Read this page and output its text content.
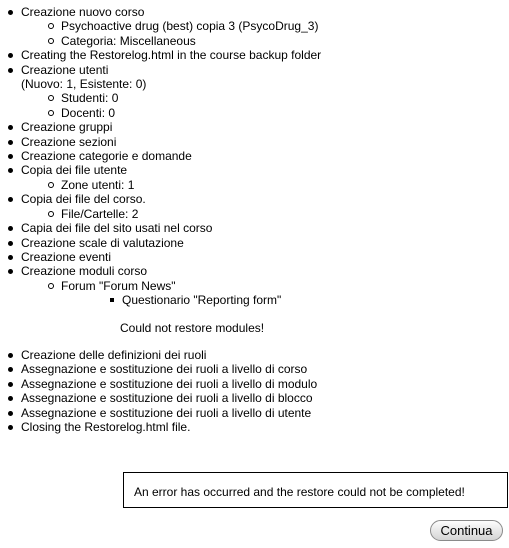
Creazione nuovo corso
Psychoactive drug (best) copia 3 (PsycoDrug_3)
Categoria: Miscellaneous
Creating the Restorelog.html in the course backup folder
Creazione utenti
(Nuovo: 1, Esistente: 0)
Studenti: 0
Docenti: 0
Creazione gruppi
Creazione sezioni
Creazione categorie e domande
Copia dei file utente
Zone utenti: 1
Copia dei file del corso.
File/Cartelle: 2
Capia dei file del sito usati nel corso
Creazione scale di valutazione
Creazione eventi
Creazione moduli corso
Forum "Forum News"
Questionario "Reporting form"
Could not restore modules!
Creazione delle definizioni dei ruoli
Assegnazione e sostituzione dei ruoli a livello di corso
Assegnazione e sostituzione dei ruoli a livello di modulo
Assegnazione e sostituzione dei ruoli a livello di blocco
Assegnazione e sostituzione dei ruoli a livello di utente
Closing the Restorelog.html file.
An error has occurred and the restore could not be completed!
Continua
